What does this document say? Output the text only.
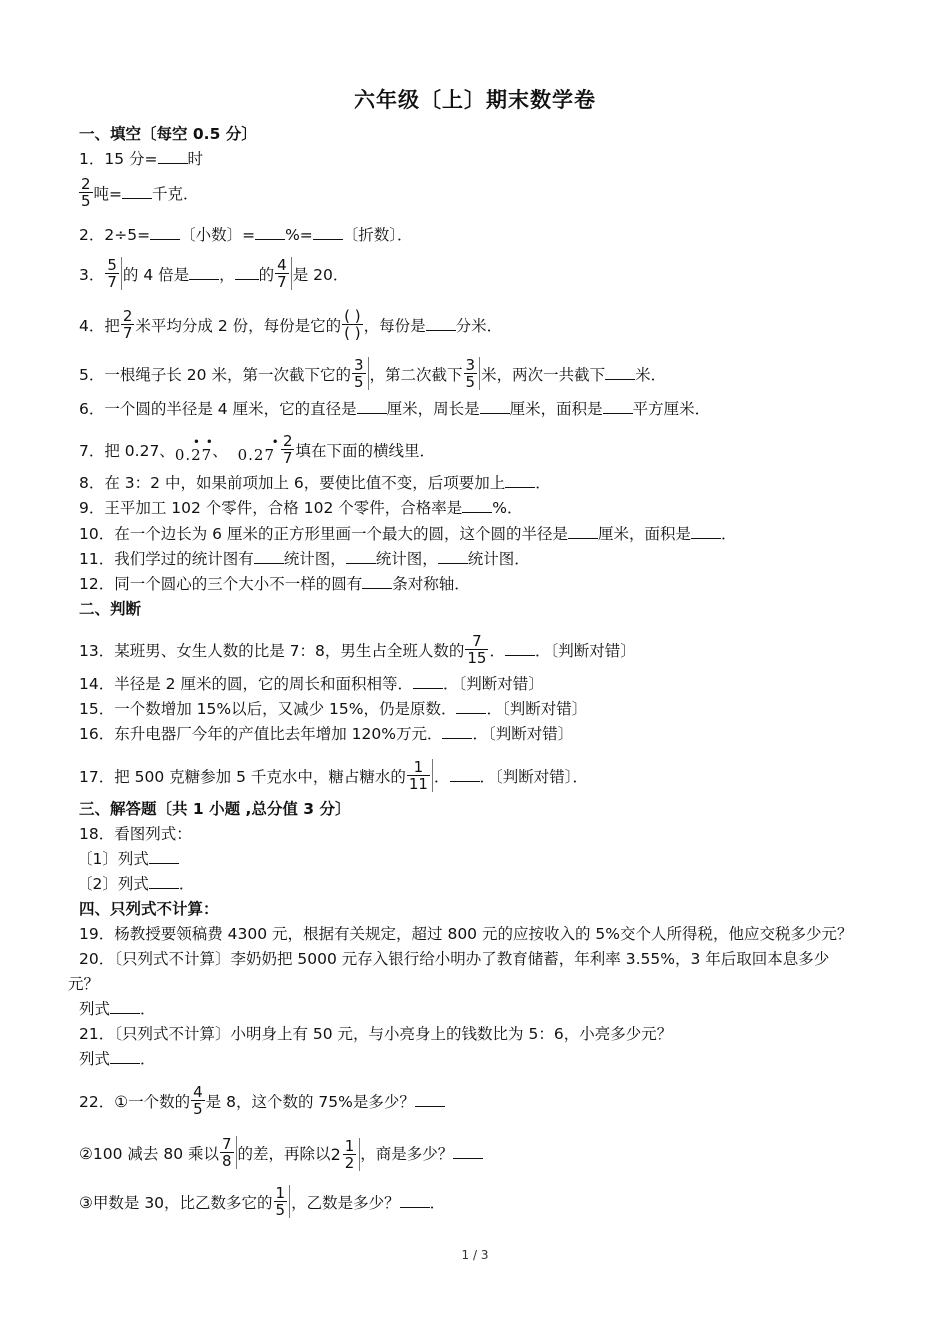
六年级〔上〕期末数学卷
一、填空〔每空 0.5 分〕
1．15 分= 时
$\frac{2}{5}$ 吨= 千克．
2．2÷5= 〔小数〕= %= 〔折数〕．
3． $\frac{5}{7}$ 的 4 倍是 ， 的 $\frac{4}{7}$ 是 20．
4．把 $\frac{2}{7}$ 米平均分成 2 份，每份是它的
( )
( ) ，每份是 分米．
5．一根绳子长 20 米，第一次截下它的 $\frac{3}{5}$ ，第二次截下 $\frac{3}{5}$ 米，两次一共截下 米．
6．一个圆的半径是 4 厘米，它的直径是 厘米，周长是 厘米，面积是 平方厘米．
7．把 0.27、
• •
0.27、
•
$0.27 \frac{2}{7}$ 填在下面的横线里．
8．在 3：2 中，如果前项加上 6，要使比值不变，后项要加上 ．
9．王平加工 102 个零件，合格 102 个零件，合格率是 %．
10．在一个边长为 6 厘米的正方形里画一个最大的圆，这个圆的半径是 厘米，面积是 ．
11．我们学过的统计图有 统计图， 统计图， 统计图．
12．同一个圆心的三个大小不一样的圆有 条对称轴．
二、判断
13．某班男、女生人数的比是 7：8，男生占全班人数的 $\frac{7}{15}$ ． ．〔判断对错〕
14．半径是 2 厘米的圆，它的周长和面积相等． ．〔判断对错〕
15．一个数增加 15%以后，又减少 15%，仍是原数． ．〔判断对错〕
16．东升电器厂今年的产值比去年增加 120%万元． ．〔判断对错〕
17．把 500 克糖参加 5 千克水中，糖占糖水的 $\frac{1}{11}$ ． ．〔判断对错〕．
三、解答题〔共 1 小题 ,总分值 3 分〕
18．看图列式：
〔1〕列式
〔2〕列式 ．
四、只列式不计算：
19．杨教授要领稿费 4300 元，根据有关规定，超过 800 元的应按收入的 5%交个人所得税，他应交税多少元？
20．〔只列式不计算〕李奶奶把 5000 元存入银行给小明办了教育储蓄，年利率 3.55%，3 年后取回本息多少
元？
列式 ．
21．〔只列式不计算〕小明身上有 50 元，与小亮身上的钱数比为 5：6，小亮多少元？
列式 ．
22．①一个数的 $\frac{4}{5}$ 是 8，这个数的 75%是多少？
②100 减去 80 乘以 $\frac{7}{8}$ 的差，再除以 2 1
2 ，商是多少？
③甲数是 30，比乙数多它的 $\frac{1}{5}$ ，乙数是多少？ ．
1 / 3
